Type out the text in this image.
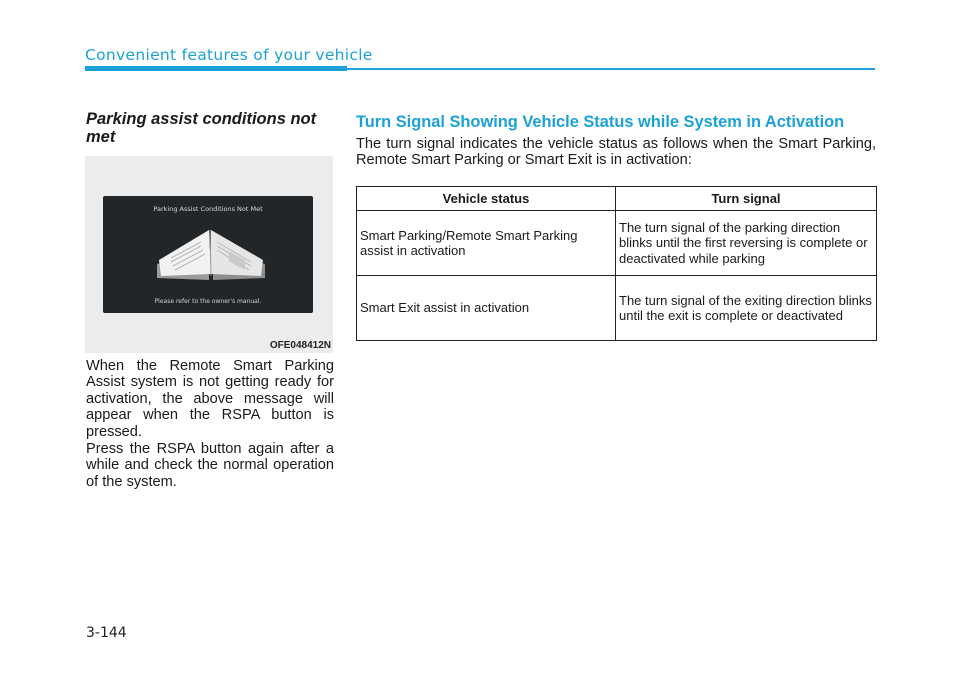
Convenient features of your vehicle
Parking assist conditions not met
Parking Assist Conditions Not Met
Please refer to the owner's manual.
OFE048412N

When the Remote Smart Parking Assist system is not getting ready for activation, the above message will appear when the RSPA button is pressed.

Press the RSPA button again after a while and check the normal operation of the system.

Turn Signal Showing Vehicle Status while System in Activation

The turn signal indicates the vehicle status as follows when the Smart Parking, Remote Smart Parking or Smart Exit is in activation:

Vehicle status	Turn signal
Smart Parking/Remote Smart Parking assist in activation	The turn signal of the parking direction blinks until the first reversing is complete or deactivated while parking
Smart Exit assist in activation	The turn signal of the exiting direction blinks until the exit is complete or deactivated
3-144
